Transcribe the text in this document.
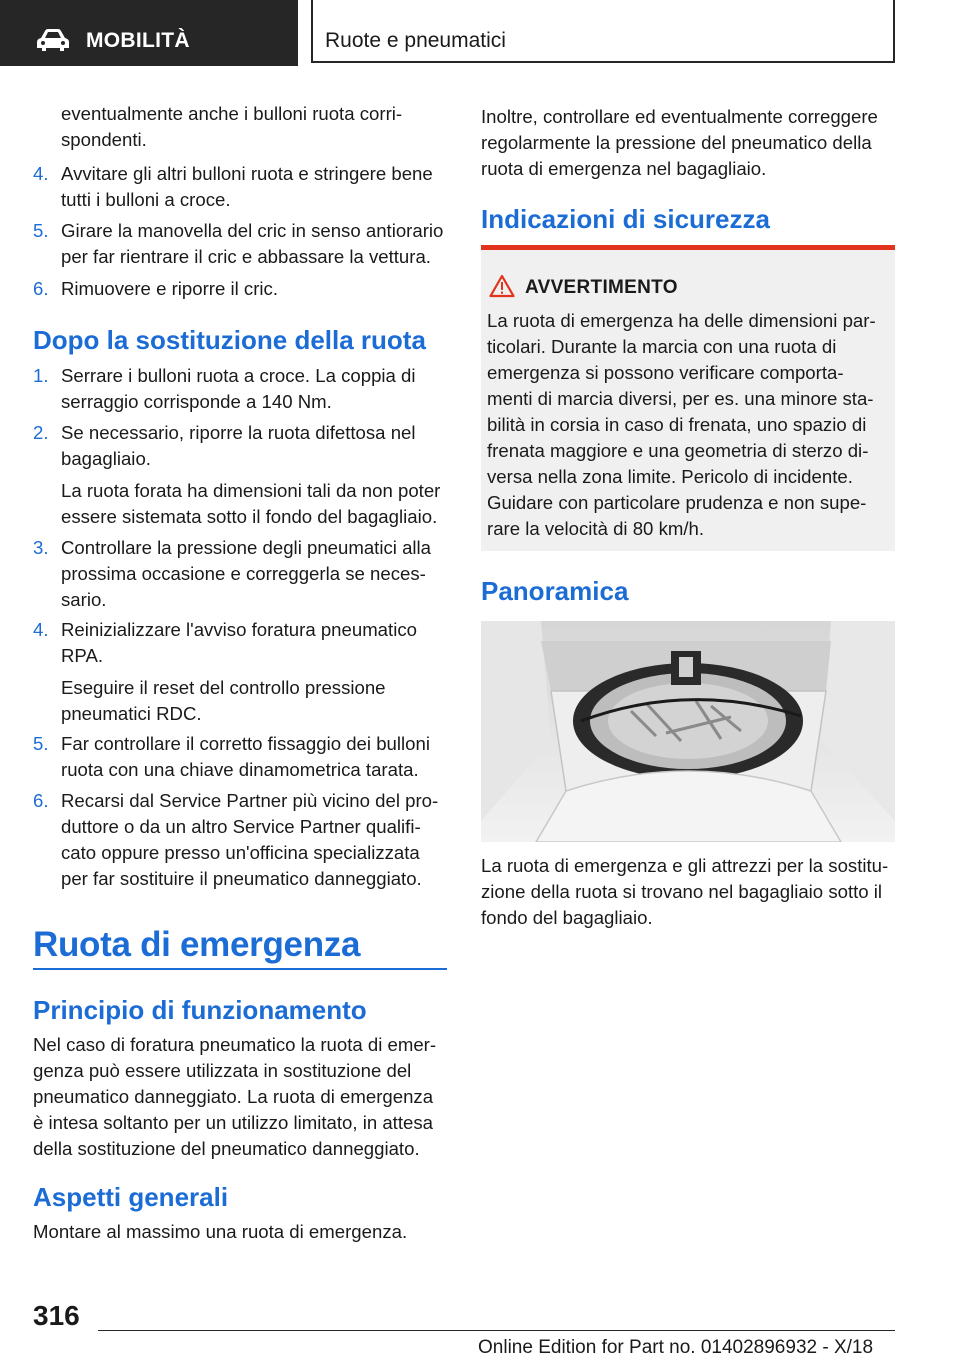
MOBILITÀ	Ruote e pneumatici

eventualmente anche i bulloni ruota corri-
spondenti.

4. Avvitare gli altri bulloni ruota e stringere bene tutti i bulloni a croce.
5. Girare la manovella del cric in senso antiorario per far rientrare il cric e abbassare la vettura.
6. Rimuovere e riporre il cric.
Dopo la sostituzione della ruota
1. Serrare i bulloni ruota a croce. La coppia di serraggio corrisponde a 140 Nm.
2. Se necessario, riporre la ruota difettosa nel bagagliaio.
La ruota forata ha dimensioni tali da non poter essere sistemata sotto il fondo del bagagliaio.
3. Controllare la pressione degli pneumatici alla prossima occasione e correggerla se neces-sario.
4. Reinizializzare l'avviso foratura pneumatico RPA.
Eseguire il reset del controllo pressione pneumatici RDC.
5. Far controllare il corretto fissaggio dei bulloni ruota con una chiave dinamometrica tarata.
6. Recarsi dal Service Partner più vicino del pro-duttore o da un altro Service Partner qualifi-cato oppure presso un'officina specializzata per far sostituire il pneumatico danneggiato.
Ruota di emergenza
Principio di funzionamento

Nel caso di foratura pneumatico la ruota di emer-genza può essere utilizzata in sostituzione del pneumatico danneggiato. La ruota di emergenza è intesa soltanto per un utilizzo limitato, in attesa della sostituzione del pneumatico danneggiato.

Aspetti generali

Montare al massimo una ruota di emergenza.

Inoltre, controllare ed eventualmente correggere regolarmente la pressione del pneumatico della ruota di emergenza nel bagagliaio.

Indicazioni di sicurezza
AVVERTIMENTO
La ruota di emergenza ha delle dimensioni par-ticolari. Durante la marcia con una ruota di emergenza si possono verificare comporta-menti di marcia diversi, per es. una minore sta-bilità in corsia in caso di frenata, uno spazio di frenata maggiore e una geometria di sterzo di-versa nella zona limite. Pericolo di incidente. Guidare con particolare prudenza e non supe-rare la velocità di 80 km/h.
Panoramica

La ruota di emergenza e gli attrezzi per la sostitu-zione della ruota si trovano nel bagagliaio sotto il fondo del bagagliaio.

316
Online Edition for Part no. 01402896932 - X/18
